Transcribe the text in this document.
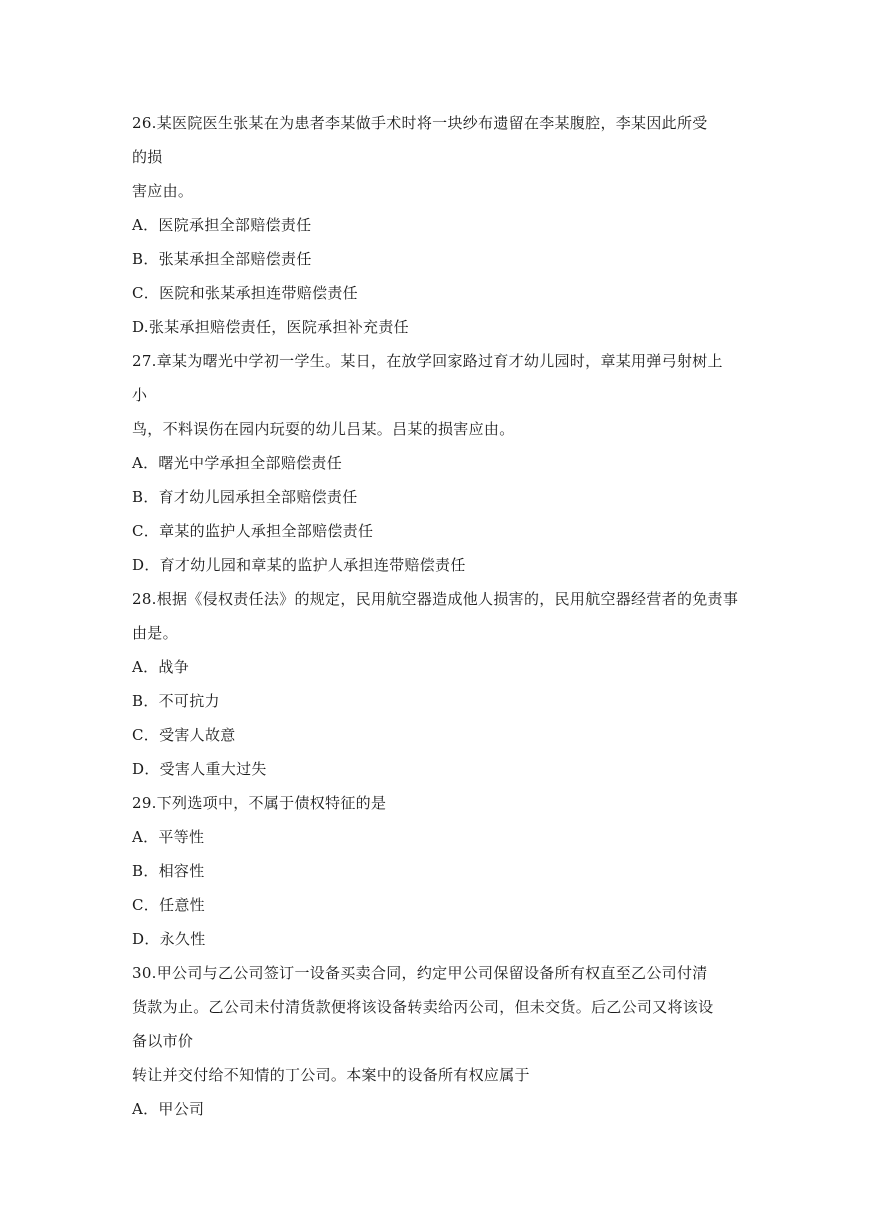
26.某医院医生张某在为患者李某做手术时将一块纱布遗留在李某腹腔，李某因此所受
的损
害应由。
A．医院承担全部赔偿责任
B．张某承担全部赔偿责任
C．医院和张某承担连带赔偿责任
D.张某承担赔偿责任，医院承担补充责任
27.章某为曙光中学初一学生。某日，在放学回家路过育才幼儿园时，章某用弹弓射树上
小
鸟，不料误伤在园内玩耍的幼儿吕某。吕某的损害应由。
A．曙光中学承担全部赔偿责任
B．育才幼儿园承担全部赔偿责任
C．章某的监护人承担全部赔偿责任
D．育才幼儿园和章某的监护人承担连带赔偿责任
28.根据《侵权责任法》的规定，民用航空器造成他人损害的，民用航空器经营者的免责事
由是。
A．战争
B．不可抗力
C．受害人故意
D．受害人重大过失
29.下列选项中，不属于债权特征的是
A．平等性
B．相容性
C．任意性
D．永久性
30.甲公司与乙公司签订一设备买卖合同，约定甲公司保留设备所有权直至乙公司付清
货款为止。乙公司未付清货款便将该设备转卖给丙公司，但未交货。后乙公司又将该设
备以市价
转让并交付给不知情的丁公司。本案中的设备所有权应属于
A．甲公司
